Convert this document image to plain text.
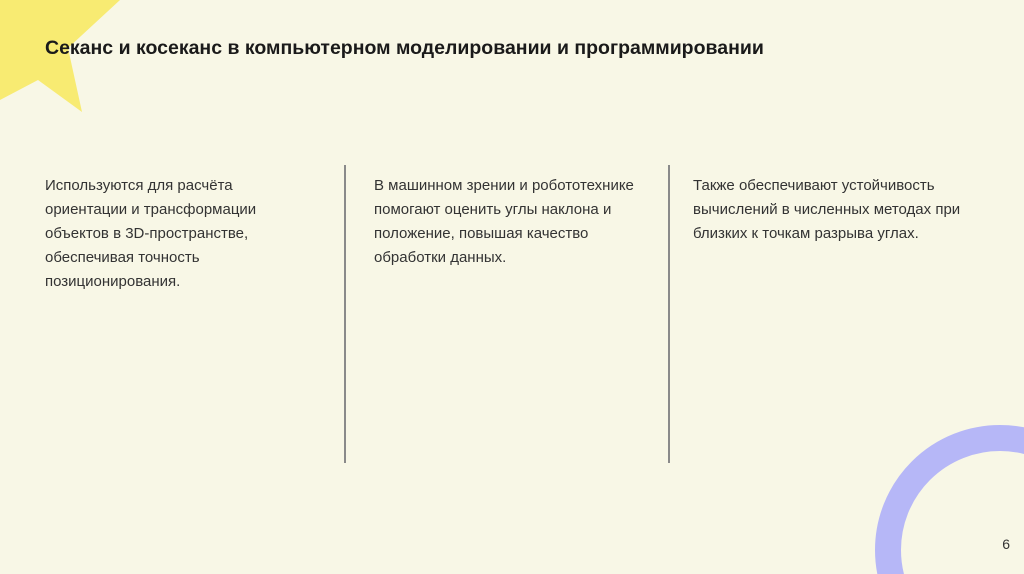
Секанс и косеканс в компьютерном моделировании и программировании
Используются для расчёта ориентации и трансформации объектов в 3D-пространстве, обеспечивая точность позиционирования.
В машинном зрении и робототехнике помогают оценить углы наклона и положение, повышая качество обработки данных.
Также обеспечивают устойчивость вычислений в численных методах при близких к точкам разрыва углах.
6
